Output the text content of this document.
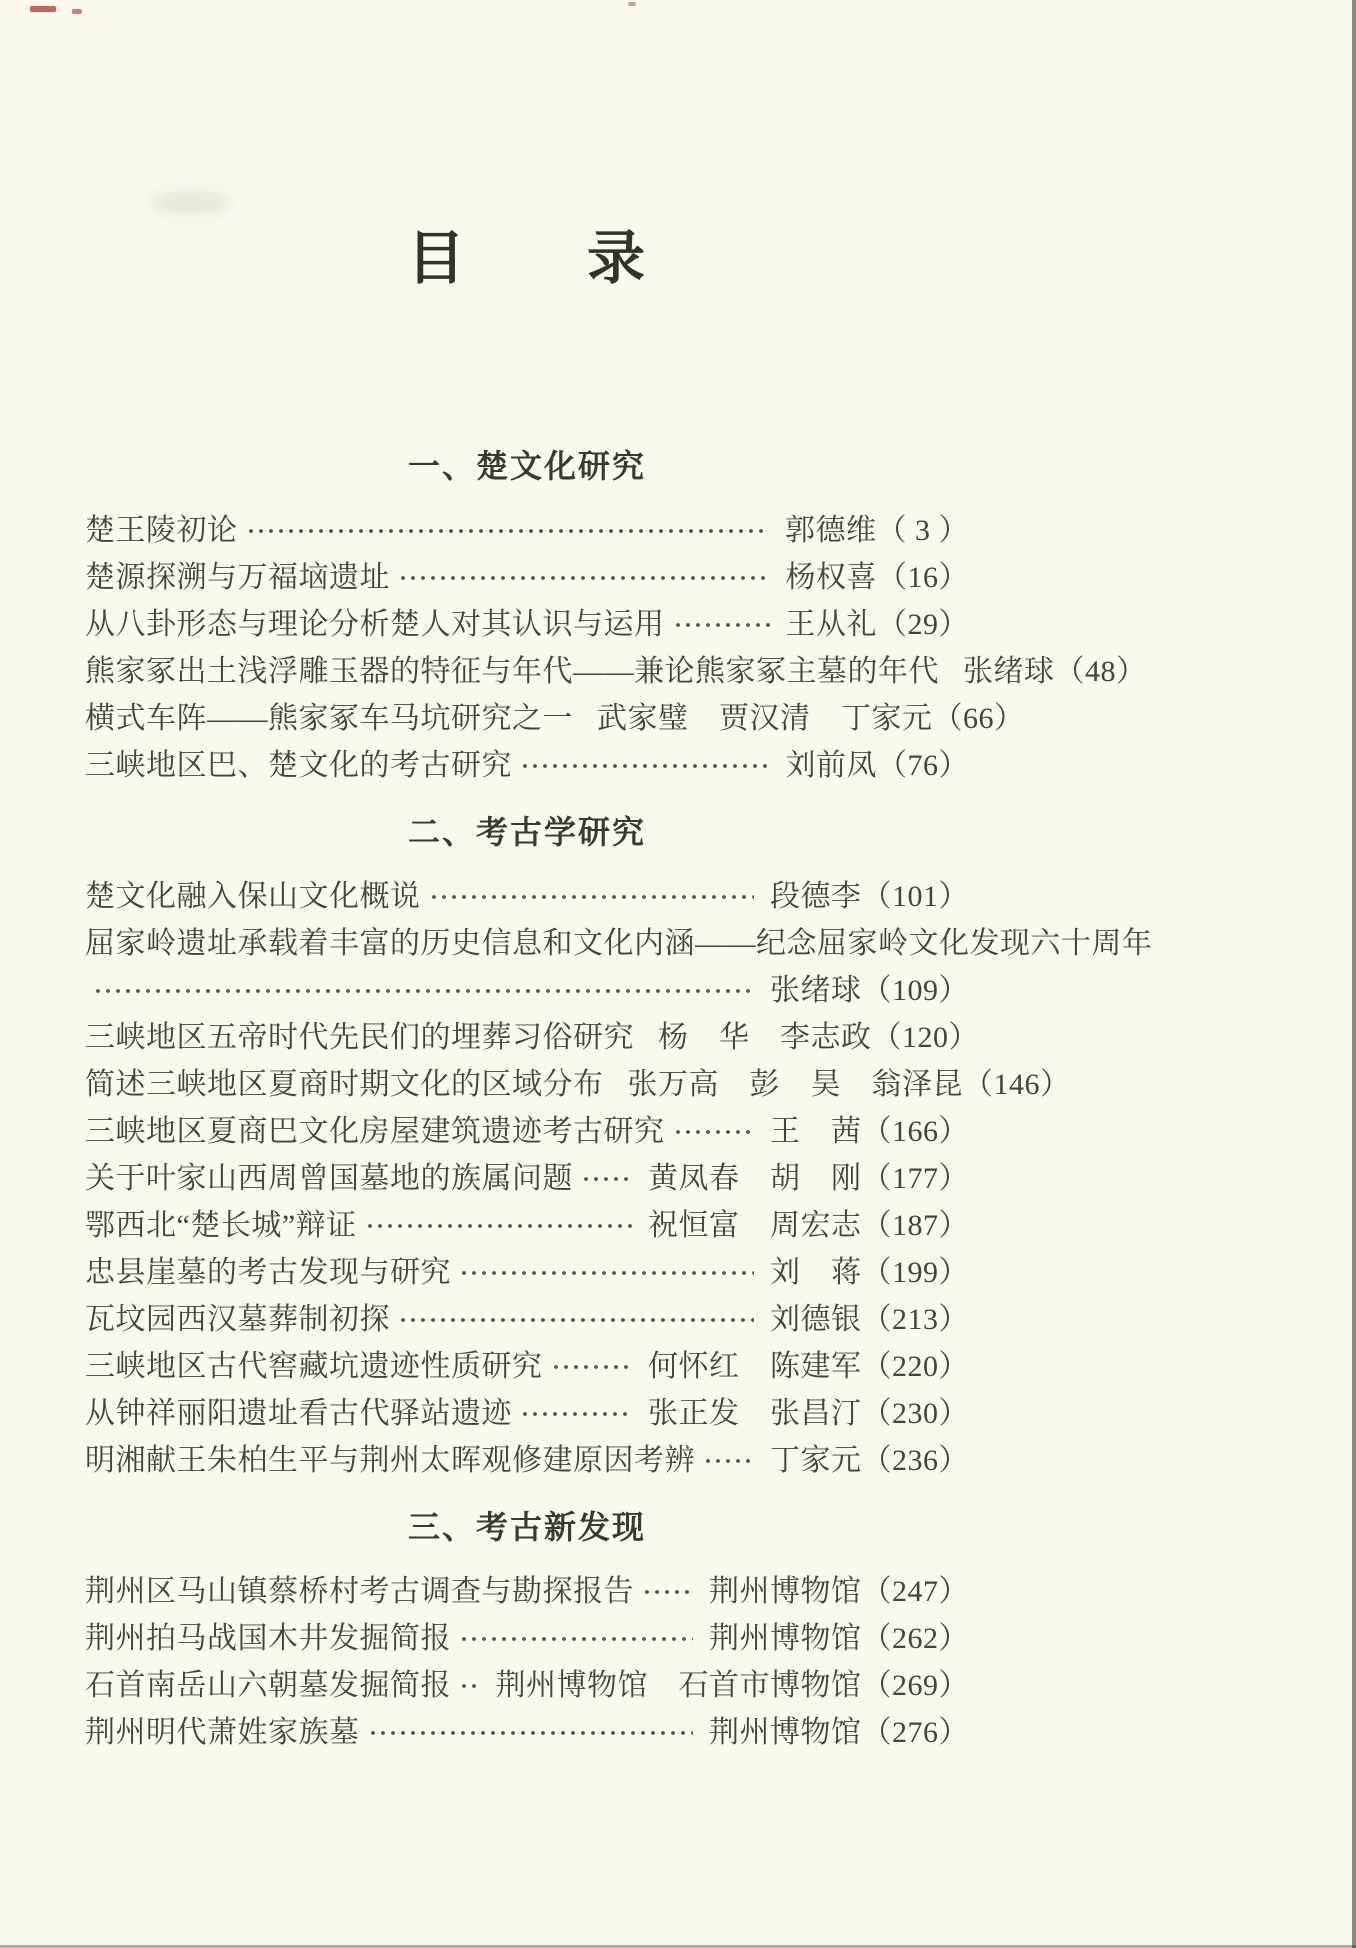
目　　录
一、楚文化研究
楚王陵初论	郭德维 （ 3 ）
楚源探溯与万福垴遗址	杨权喜 （16）
从八卦形态与理论分析楚人对其认识与运用	王从礼 （29）
熊家冢出土浅浮雕玉器的特征与年代——兼论熊家冢主墓的年代 张绪球 （48）
横式车阵——熊家冢车马坑研究之一 武家璧　贾汉清　丁家元 （66）
三峡地区巴、楚文化的考古研究	刘前凤 （76）
二、考古学研究
楚文化融入保山文化概说	段德李 （101）
屈家岭遗址承载着丰富的历史信息和文化内涵——纪念屈家岭文化发现六十周年
张绪球 （109）
三峡地区五帝时代先民们的埋葬习俗研究 杨　华　李志政 （120）
简述三峡地区夏商时期文化的区域分布 张万高　彭　昊　翁泽昆 （146）
三峡地区夏商巴文化房屋建筑遗迹考古研究	王　茜 （166）
关于叶家山西周曾国墓地的族属问题	黄凤春　胡　刚 （177）
鄂西北“楚长城”辩证	祝恒富　周宏志 （187）
忠县崖墓的考古发现与研究	刘　蒋 （199）
瓦坟园西汉墓葬制初探	刘德银 （213）
三峡地区古代窖藏坑遗迹性质研究	何怀红　陈建军 （220）
从钟祥丽阳遗址看古代驿站遗迹	张正发　张昌汀 （230）
明湘献王朱柏生平与荆州太晖观修建原因考辨	丁家元 （236）
三、考古新发现
荆州区马山镇蔡桥村考古调查与勘探报告	荆州博物馆 （247）
荆州拍马战国木井发掘简报	荆州博物馆 （262）
石首南岳山六朝墓发掘简报	荆州博物馆　石首市博物馆 （269）
荆州明代萧姓家族墓	荆州博物馆 （276）
